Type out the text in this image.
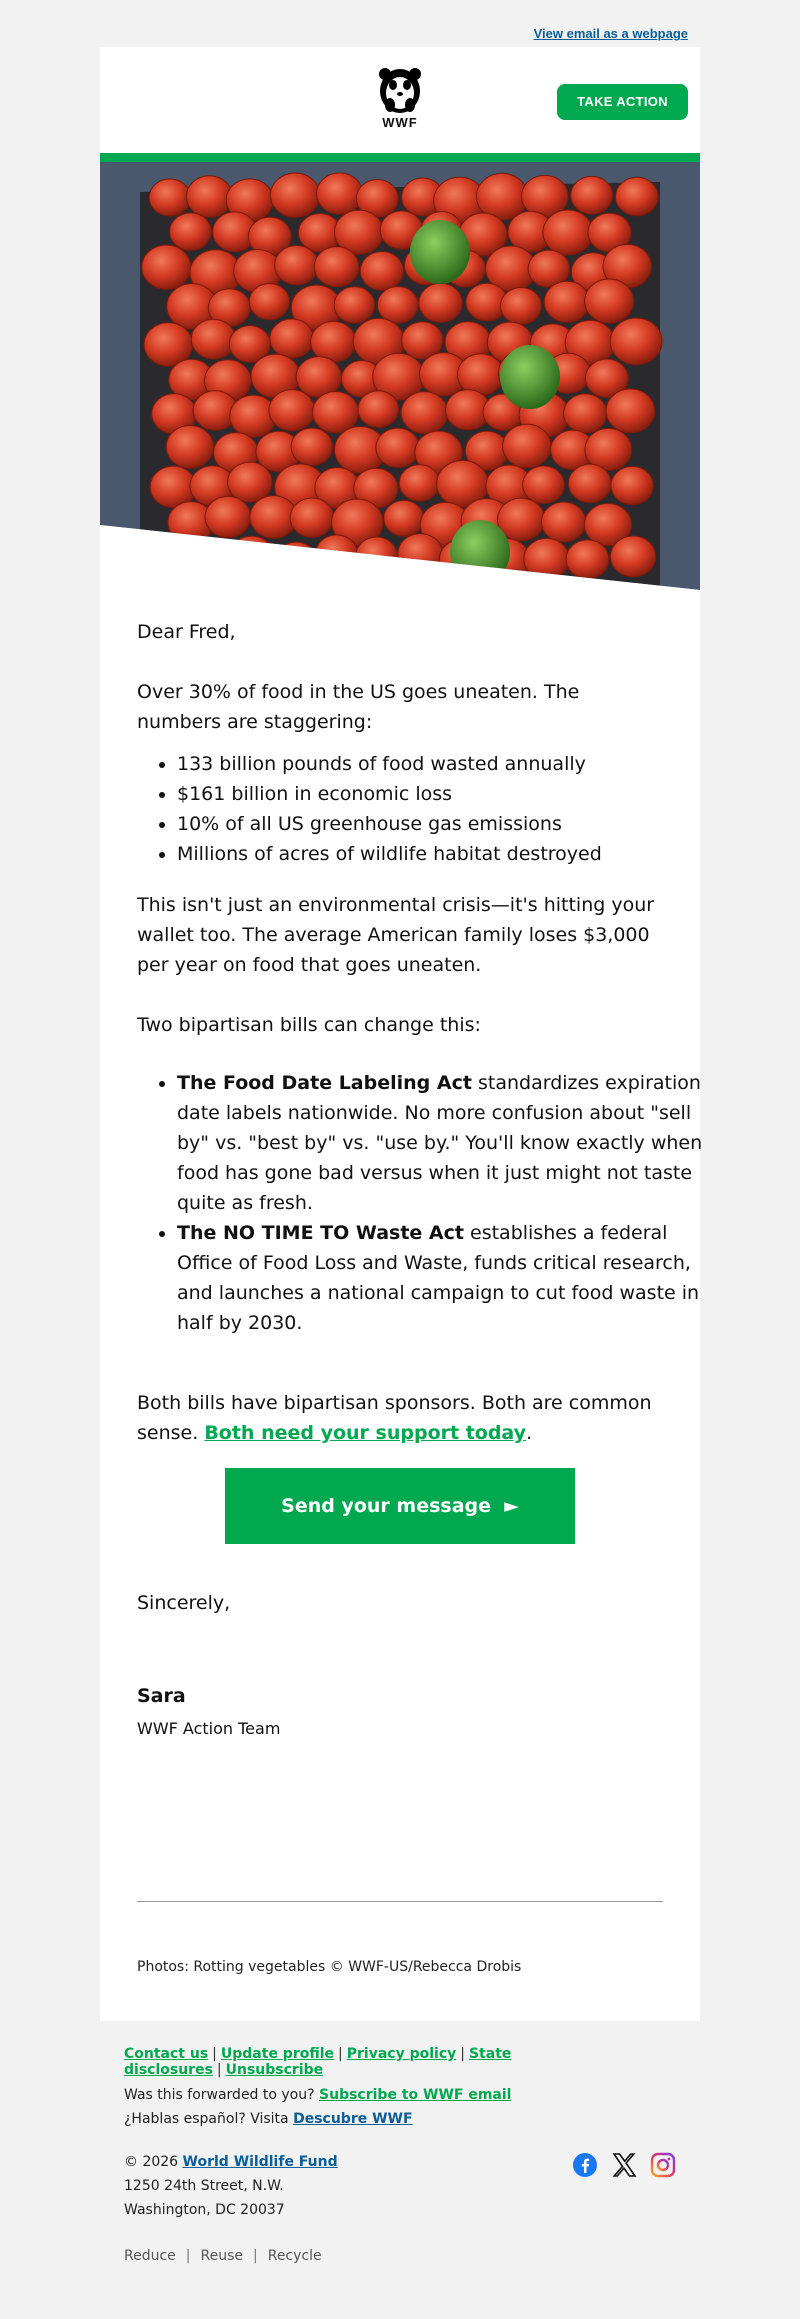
View email as a webpage
WWF
TAKE ACTION

Dear Fred,

Over 30% of food in the US goes uneaten. The numbers are staggering:

• 133 billion pounds of food wasted annually
• $161 billion in economic loss
• 10% of all US greenhouse gas emissions
• Millions of acres of wildlife habitat destroyed

This isn't just an environmental crisis—it's hitting your wallet too. The average American family loses $3,000 per year on food that goes uneaten.

Two bipartisan bills can change this:

• The Food Date Labeling Act standardizes expiration date labels nationwide. No more confusion about "sell by" vs. "best by" vs. "use by." You'll know exactly when food has gone bad versus when it just might not taste quite as fresh.
• The NO TIME TO Waste Act establishes a federal Office of Food Loss and Waste, funds critical research, and launches a national campaign to cut food waste in half by 2030.

Both bills have bipartisan sponsors. Both are common sense. Both need your support today.

Send your message  ►
Sincerely,
Sara
WWF Action Team
Photos: Rotting vegetables © WWF-US/Rebecca Drobis
Contact us | Update profile | Privacy policy | State disclosures | Unsubscribe
Was this forwarded to you? Subscribe to WWF email
¿Hablas español? Visita Descubre WWF
© 2026 World Wildlife Fund
1250 24th Street, N.W.
Washington, DC 20037
Reduce | Reuse | Recycle
